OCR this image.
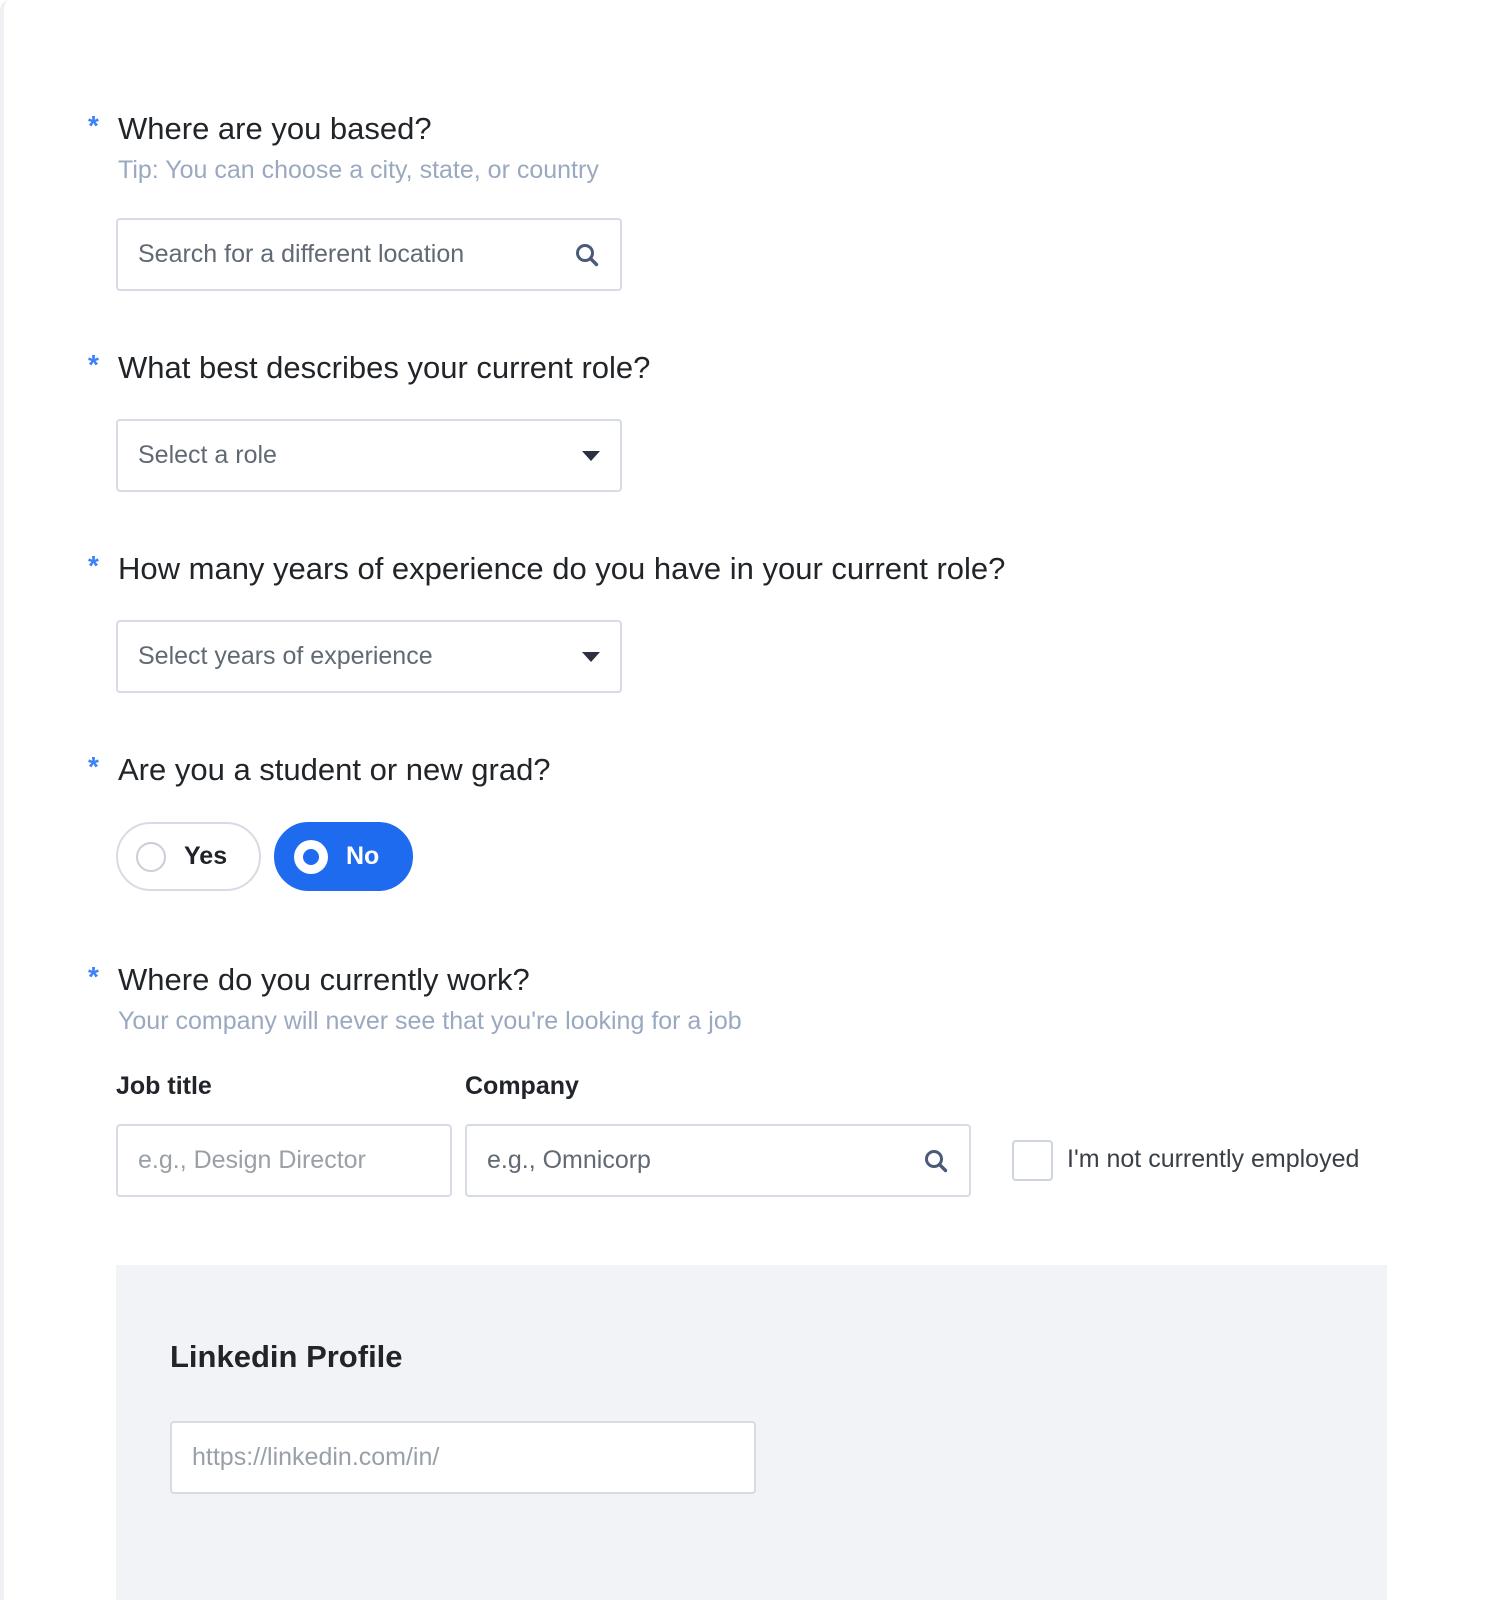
* Where are you based?
Tip: You can choose a city, state, or country
Search for a different location
* What best describes your current role?
Select a role
* How many years of experience do you have in your current role?
Select years of experience
* Are you a student or new grad?
Yes	No
* Where do you currently work?
Your company will never see that you're looking for a job
Job title	Company
e.g., Design Director	e.g., Omnicorp	I'm not currently employed
Linkedin Profile
https://linkedin.com/in/
